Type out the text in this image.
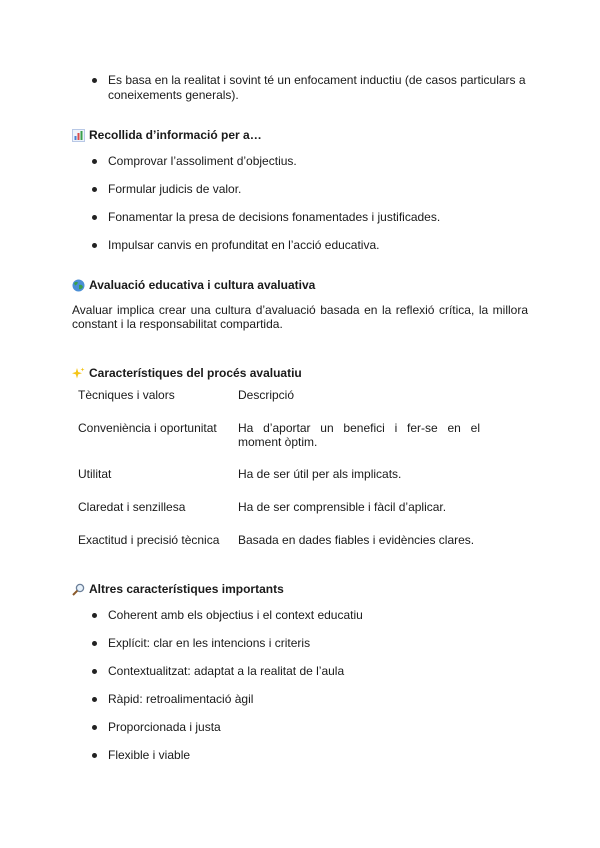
Es basa en la realitat i sovint té un enfocament inductiu (de casos particulars a coneixements generals).
Recollida d’informació per a…
Comprovar l’assoliment d’objectius.
Formular judicis de valor.
Fonamentar la presa de decisions fonamentades i justificades.
Impulsar canvis en profunditat en l’acció educativa.
Avaluació educativa i cultura avaluativa

Avaluar implica crear una cultura d’avaluació basada en la reflexió crítica, la millora constant i la responsabilitat compartida.

Característiques del procés avaluatiu
Tècniques i valors	Descripció
Conveniència i oportunitat	Ha d’aportar un benefici i fer-se en el moment òptim.
Utilitat	Ha de ser útil per als implicats.
Claredat i senzillesa	Ha de ser comprensible i fàcil d’aplicar.
Exactitud i precisió tècnica	Basada en dades fiables i evidències clares.
Altres característiques importants
Coherent amb els objectius i el context educatiu
Explícit: clar en les intencions i criteris
Contextualitzat: adaptat a la realitat de l’aula
Ràpid: retroalimentació àgil
Proporcionada i justa
Flexible i viable
